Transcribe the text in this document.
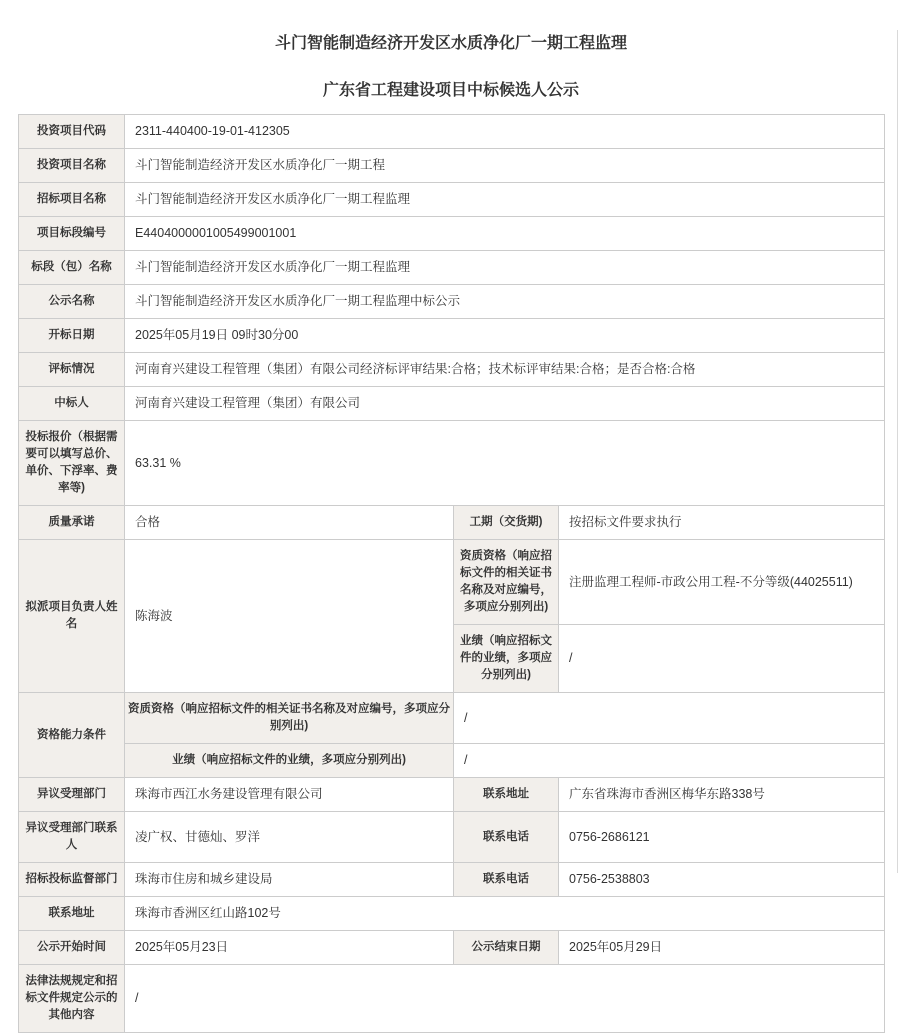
斗门智能制造经济开发区水质净化厂一期工程监理
广东省工程建设项目中标候选人公示
投资项目代码	2311-440400-19-01-412305		
投资项目名称	斗门智能制造经济开发区水质净化厂一期工程		
招标项目名称	斗门智能制造经济开发区水质净化厂一期工程监理		
项目标段编号	E4404000001005499001001		
标段（包）名称	斗门智能制造经济开发区水质净化厂一期工程监理		
公示名称	斗门智能制造经济开发区水质净化厂一期工程监理中标公示		
开标日期	2025年05月19日 09时30分00		
评标情况	河南育兴建设工程管理（集团）有限公司经济标评审结果:合格；技术标评审结果:合格；是否合格:合格		
中标人	河南育兴建设工程管理（集团）有限公司		
投标报价（根据需要可以填写总价、单价、下浮率、费率等)	63.31 %		
质量承诺	合格	工期（交货期)	按招标文件要求执行
拟派项目负责人姓名	陈海波	资质资格（响应招标文件的相关证书名称及对应编号，多项应分别列出)	注册监理工程师-市政公用工程-不分等级(44025511)
		业绩（响应招标文件的业绩，多项应分别列出)	/
资格能力条件	资质资格（响应招标文件的相关证书名称及对应编号，多项应分别列出)	/	
	业绩（响应招标文件的业绩，多项应分别列出)	/	
异议受理部门	珠海市西江水务建设管理有限公司	联系地址	广东省珠海市香洲区梅华东路338号
异议受理部门联系人	凌广权、甘德灿、罗洋	联系电话	0756-2686121
招标投标监督部门	珠海市住房和城乡建设局	联系电话	0756-2538803
联系地址	珠海市香洲区红山路102号		
公示开始时间	2025年05月23日	公示结束日期	2025年05月29日
法律法规规定和招标文件规定公示的其他内容	/		
